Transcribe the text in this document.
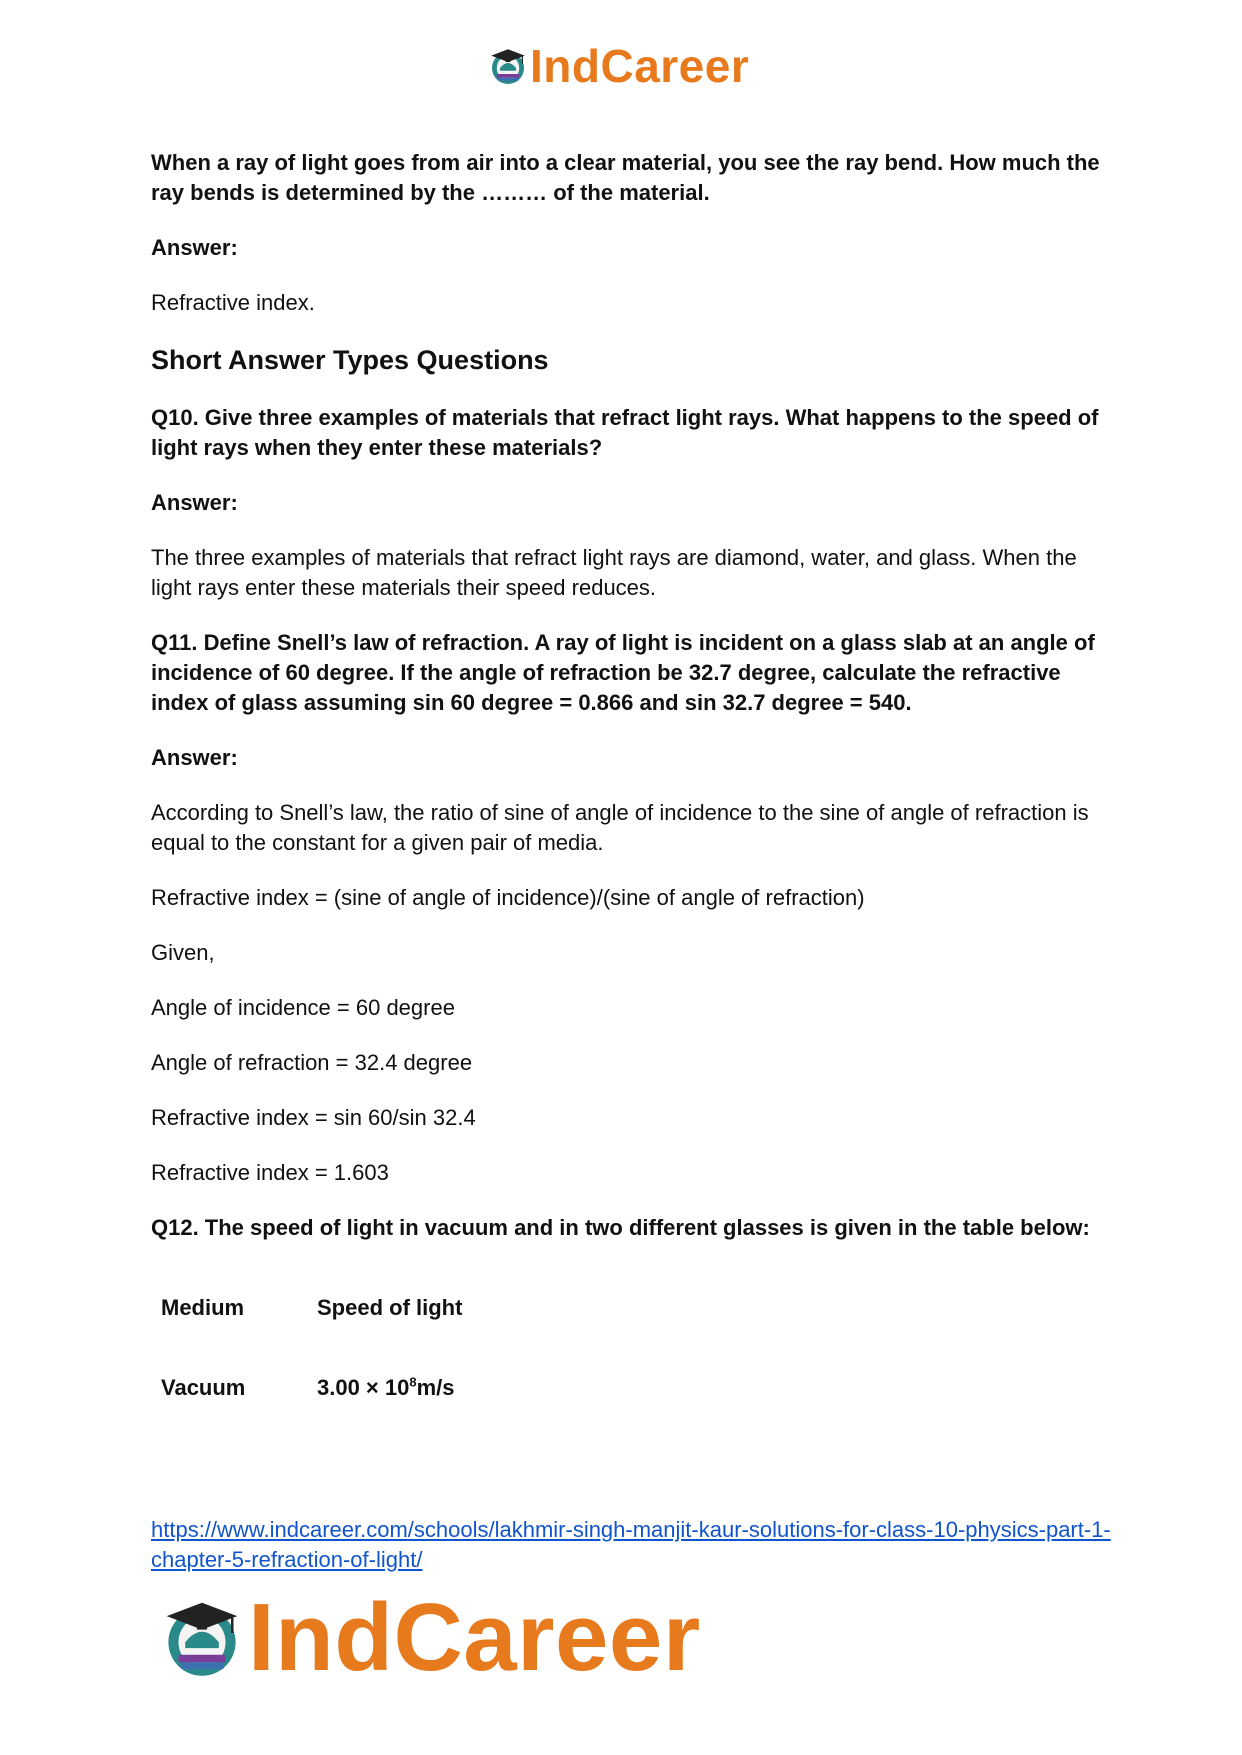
IndCareer

When a ray of light goes from air into a clear material, you see the ray bend. How much the ray bends is determined by the ……… of the material.

Answer:

Refractive index.

Short Answer Types Questions

Q10. Give three examples of materials that refract light rays. What happens to the speed of light rays when they enter these materials?

Answer:

The three examples of materials that refract light rays are diamond, water, and glass. When the light rays enter these materials their speed reduces.

Q11. Define Snell’s law of refraction. A ray of light is incident on a glass slab at an angle of incidence of 60 degree. If the angle of refraction be 32.7 degree, calculate the refractive index of glass assuming sin 60 degree = 0.866 and sin 32.7 degree = 540.

Answer:

According to Snell’s law, the ratio of sine of angle of incidence to the sine of angle of refraction is equal to the constant for a given pair of media.

Refractive index = (sine of angle of incidence)/(sine of angle of refraction)

Given,

Angle of incidence = 60 degree

Angle of refraction = 32.4 degree

Refractive index = sin 60/sin 32.4

Refractive index = 1.603

Q12. The speed of light in vacuum and in two different glasses is given in the table below:

Medium	Speed of light
Vacuum	$3.00 \times 10^8m/s$
https://www.indcareer.com/schools/lakhmir-singh-manjit-kaur-solutions-for-class-10-physics-part-1-chapter-5-refraction-of-light/
IndCareer
